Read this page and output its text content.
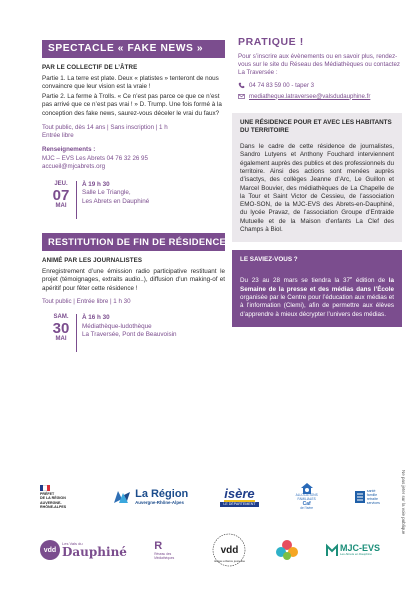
SPECTACLE « FAKE NEWS »
PAR LE COLLECTIF DE L’ÂTRE

Partie 1. La terre est plate. Deux « platistes » tenteront de nous convaincre que leur vision est la vraie !

Partie 2. La ferme à Trolls. « Ce n’est pas parce ce que ce n’est pas arrivé que ce n’est pas vrai ! » D. Trump. Une fois formé à la conception des fake news, saurez-vous déceler le vrai du faux?

Tout public, dès 14 ans | Sans inscription | 1 h
Entrée libre
Renseignements :
MJC – EVS Les Abrets 04 76 32 26 95
accueil@mjcabrets.org
JEU.
07
MAI
À 19 h 30
Salle Le Triangle,
Les Abrets en Dauphiné
RESTITUTION DE FIN DE RÉSIDENCE
ANIMÉ PAR LES JOURNALISTES

Enregistrement d’une émission radio participative restituant le projet (témoignages, extraits audio..), diffusion d’un making-of et apéritif pour fêter cette résidence !

Tout public | Entrée libre | 1 h 30
SAM.
30
MAI
À 16 h 30
Médiathèque-ludothèque
La Traversée, Pont de Beauvoisin
PRATIQUE !
Pour s’inscrire aux évènements ou en savoir plus, rendez-vous sur le site du Réseau des Médiathèques ou contactez La Traversée :
04 74 83 59 00 - taper 3
mediatheque.latraversee@valsdudauphine.fr
UNE RÉSIDENCE POUR ET AVEC LES HABITANTS DU TERRITOIRE
Dans le cadre de cette résidence de journalistes, Sandro Lutyens et Anthony Fouchard interviennent également auprès des publics et des professionnels du territoire. Ainsi des actions sont menées auprès d’isactys, des collèges Jeanne d’Arc, Le Guillon et Marcel Bouvier, des médiathèques de La Chapelle de la Tour et Saint Victor de Cessieu, de l’association EMO-SON, de la MJC-EVS des Abrets-en-Dauphiné, du lycée Pravaz, de l’association Groupe d’Entraide Mutuelle et de la Maison d’enfants La Clef des Champs à Biol.
LE SAVIEZ-VOUS ?
Du 23 au 28 mars se tiendra la 37e édition de la Semaine de la presse et des médias dans l’École organisée par le Centre pour l’éducation aux médias et à l’information (Clemi), afin de permettre aux élèves d’apprendre à mieux décrypter l’univers des médias.
PRÉFET
DE LA RÉGION
AUVERGNE-
RHÔNE-ALPES
La Région
Auvergne-Rhône-Alpes
isère
LE DÉPARTEMENT
ALLOCATIONS
FAMILIALES
Caf
de l'Isère
santé
famille
retraite
services
vdd
Les Vals du
Dauphiné R
Réseau des Médiathèques
vdd
réseau enfance jeunesse
MJC-EVS
Les Abrets en Dauphiné
Ne pas jeter sur la voie publique
